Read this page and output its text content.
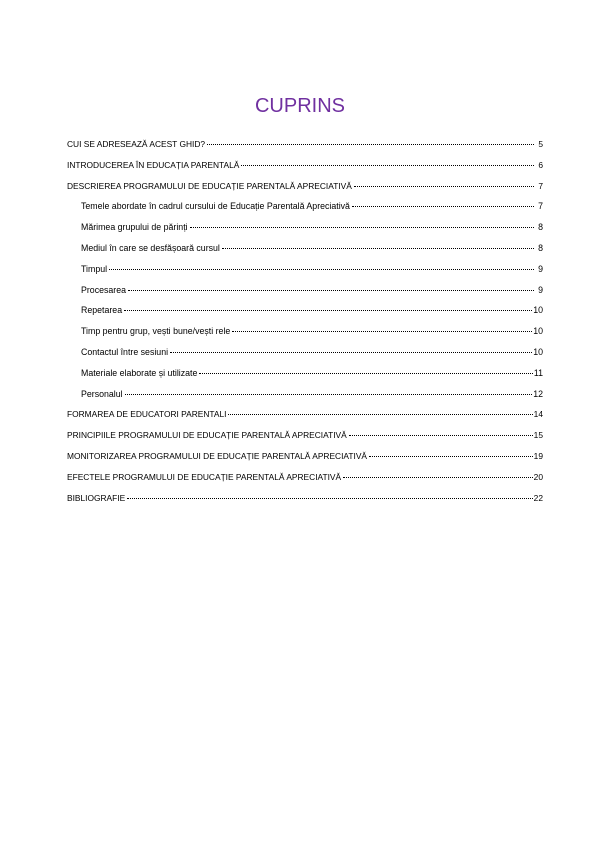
CUPRINS
CUI SE ADRESEAZĂ ACEST GHID?	5
INTRODUCEREA ÎN EDUCAȚIA PARENTALĂ	6
DESCRIEREA PROGRAMULUI DE EDUCAȚIE PARENTALĂ APRECIATIVĂ	7
Temele abordate în cadrul cursului de Educație Parentală Apreciativă	7
Mărimea grupului de părinți	8
Mediul în care se desfășoară cursul	8
Timpul	9
Procesarea	9
Repetarea	10
Timp pentru grup, vești bune/vești rele	10
Contactul între sesiuni	10
Materiale elaborate și utilizate	11
Personalul	12
FORMAREA DE EDUCATORI PARENTALI	14
PRINCIPIILE PROGRAMULUI DE EDUCAȚIE PARENTALĂ APRECIATIVĂ	15
MONITORIZAREA PROGRAMULUI DE EDUCAȚIE PARENTALĂ APRECIATIVĂ	19
EFECTELE PROGRAMULUI DE EDUCAȚIE PARENTALĂ APRECIATIVĂ	20
BIBLIOGRAFIE	22
